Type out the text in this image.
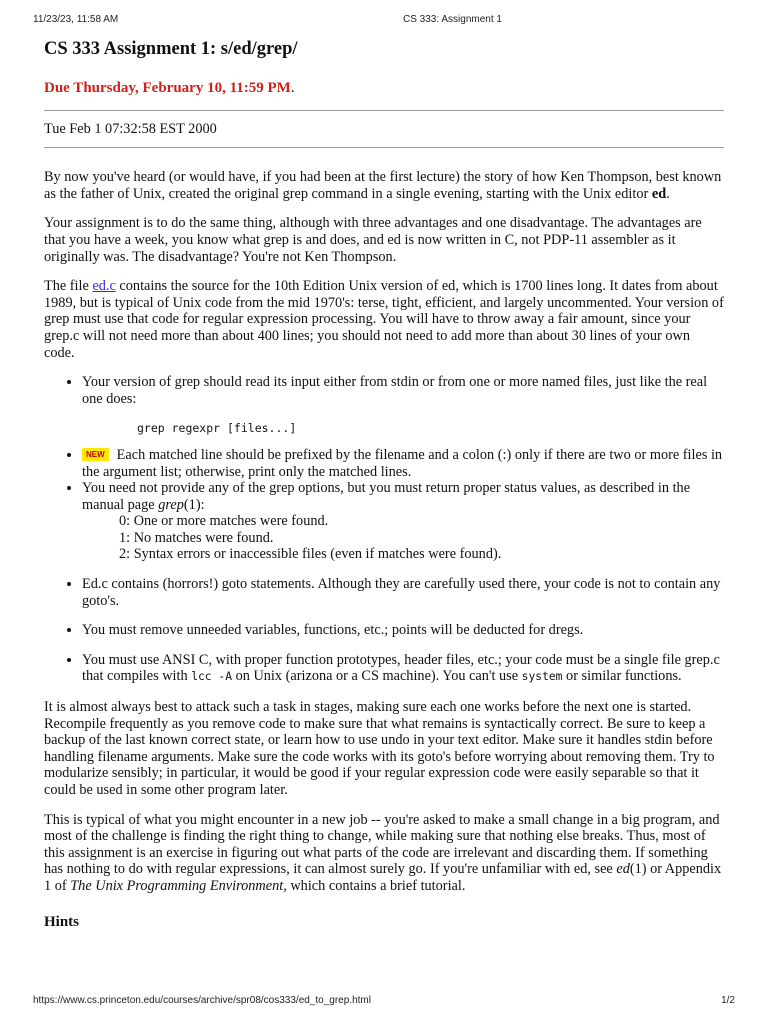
11/23/23, 11:58 AM	CS 333: Assignment 1
CS 333 Assignment 1: s/ed/grep/
Due Thursday, February 10, 11:59 PM.
Tue Feb 1 07:32:58 EST 2000

By now you've heard (or would have, if you had been at the first lecture) the story of how Ken Thompson, best known as the father of Unix, created the original grep command in a single evening, starting with the Unix editor ed.

Your assignment is to do the same thing, although with three advantages and one disadvantage. The advantages are that you have a week, you know what grep is and does, and ed is now written in C, not PDP-11 assembler as it originally was. The disadvantage? You're not Ken Thompson.

The file ed.c contains the source for the 10th Edition Unix version of ed, which is 1700 lines long. It dates from about 1989, but is typical of Unix code from the mid 1970's: terse, tight, efficient, and largely uncommented. Your version of grep must use that code for regular expression processing. You will have to throw away a fair amount, since your grep.c will not need more than about 400 lines; you should not need to add more than about 30 lines of your own code.

• Your version of grep should read its input either from stdin or from one or more named files, just like the real one does:
grep regexpr [files...]
• NEW Each matched line should be prefixed by the filename and a colon (:) only if there are two or more files in the argument list; otherwise, print only the matched lines.
• You need not provide any of the grep options, but you must return proper status values, as described in the manual page grep(1):
0: One or more matches were found.
1: No matches were found.
2: Syntax errors or inaccessible files (even if matches were found).
• Ed.c contains (horrors!) goto statements. Although they are carefully used there, your code is not to contain any goto's.
• You must remove unneeded variables, functions, etc.; points will be deducted for dregs.
• You must use ANSI C, with proper function prototypes, header files, etc.; your code must be a single file grep.c that compiles with lcc -A on Unix (arizona or a CS machine). You can't use system or similar functions.

It is almost always best to attack such a task in stages, making sure each one works before the next one is started. Recompile frequently as you remove code to make sure that what remains is syntactically correct. Be sure to keep a backup of the last known correct state, or learn how to use undo in your text editor. Make sure it handles stdin before handling filename arguments. Make sure the code works with its goto's before worrying about removing them. Try to modularize sensibly; in particular, it would be good if your regular expression code were easily separable so that it could be used in some other program later.

This is typical of what you might encounter in a new job -- you're asked to make a small change in a big program, and most of the challenge is finding the right thing to change, while making sure that nothing else breaks. Thus, most of this assignment is an exercise in figuring out what parts of the code are irrelevant and discarding them. If something has nothing to do with regular expressions, it can almost surely go. If you're unfamiliar with ed, see ed(1) or Appendix 1 of The Unix Programming Environment, which contains a brief tutorial.

Hints
https://www.cs.princeton.edu/courses/archive/spr08/cos333/ed_to_grep.html	1/2
